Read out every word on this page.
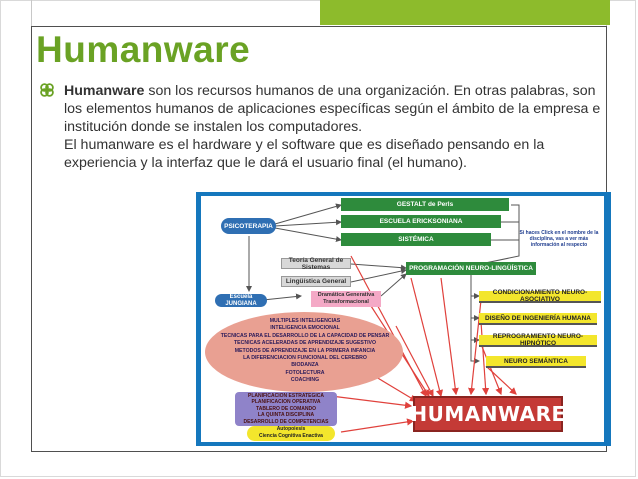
Humanware
Humanware son los recursos humanos de una organización. En otras palabras, son los elementos humanos de aplicaciones específicas según el ámbito de la empresa e institución donde se instalen los computadores.
El humanware es el hardware y el software que es diseñado pensando en la experiencia y la interfaz que le dará el usuario final (el humano).
PSICOTERAPIA
GESTALT de Perls
ESCUELA ERICKSONIANA
SISTÉMICA
Si haces Click en el nombre de la disciplina, vas a ver más información al respecto
Teoría General de Sistemas
Lingüística General
Dramática Generativa Transformacional
Escuela JUNGIANA
PROGRAMACIÓN NEURO-LINGÜÍSTICA
CONDICIONAMIENTO NEURO-ASOCIATIVO
DISEÑO DE INGENIERÍA HUMANA
REPROGRAMIENTO NEURO-HIPNÓTICO
NEURO SEMÁNTICA
MULTIPLES INTELIGENCIAS
INTELIGENCIA EMOCIONAL
TECNICAS PARA EL DESARROLLO DE LA CAPACIDAD DE PENSAR
TECNICAS ACELERADAS DE APRENDIZAJE SUGESTIVO
METODOS DE APRENDIZAJE EN LA PRIMERA INFANCIA
LA DIFERENCIACION FUNCIONAL DEL CEREBRO
BIODANZA
FOTOLECTURA
COACHING
PLANIFICACION ESTRATEGICA
PLANIFICACION OPERATIVA
TABLERO DE COMANDO
LA QUINTA DISCIPLINA
DESARROLLO DE COMPETENCIAS
Autopoiesis
Ciencia Cognitiva Enactiva
HUMANWARE
